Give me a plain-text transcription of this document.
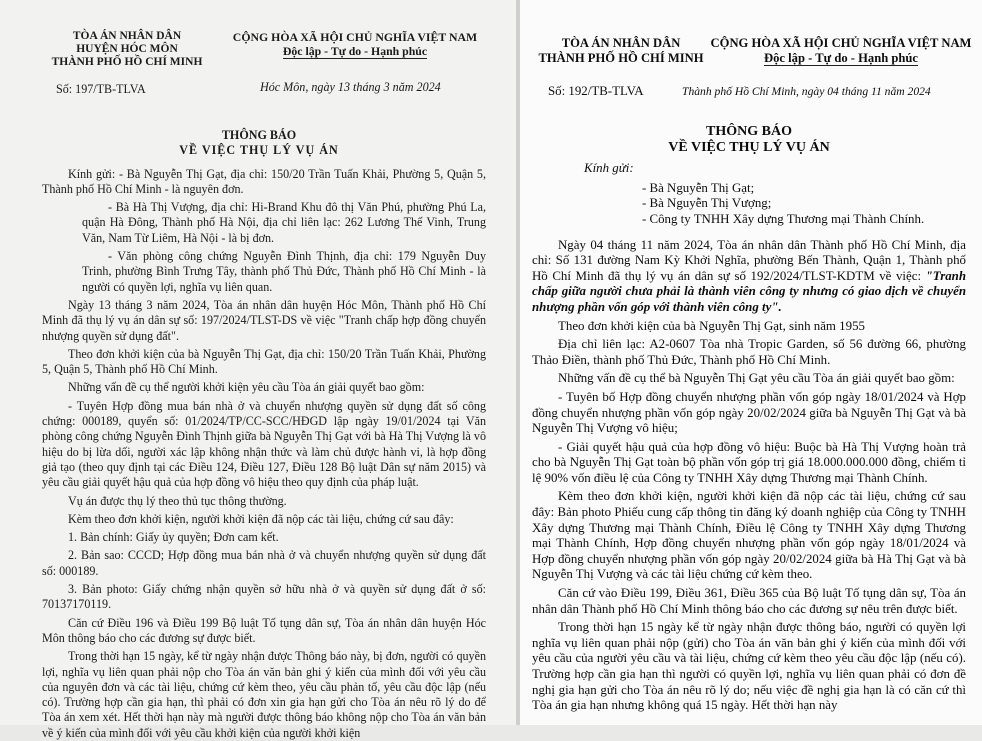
TÒA ÁN NHÂN DÂN
HUYỆN HÓC MÔN
THÀNH PHỐ HỒ CHÍ MINH
CỘNG HÒA XÃ HỘI CHỦ NGHĨA VIỆT NAM
Độc lập - Tự do - Hạnh phúc
Số: 197/TB-TLVA	Hóc Môn, ngày 13 tháng 3 năm 2024
THÔNG BÁO
VỀ VIỆC THỤ LÝ VỤ ÁN

Kính gửi: - Bà Nguyễn Thị Gạt, địa chỉ: 150/20 Trần Tuấn Khải, Phường 5, Quận 5, Thành phố Hồ Chí Minh - là nguyên đơn.

- Bà Hà Thị Vượng, địa chỉ: Hi-Brand Khu đô thị Văn Phú, phường Phú La, quận Hà Đông, Thành phố Hà Nội, địa chỉ liên lạc: 262 Lương Thế Vinh, Trung Văn, Nam Từ Liêm, Hà Nội - là bị đơn.

- Văn phòng công chứng Nguyễn Đình Thịnh, địa chỉ: 179 Nguyễn Duy Trinh, phường Bình Trưng Tây, thành phố Thủ Đức, Thành phố Hồ Chí Minh - là người có quyền lợi, nghĩa vụ liên quan.

Ngày 13 tháng 3 năm 2024, Tòa án nhân dân huyện Hóc Môn, Thành phố Hồ Chí Minh đã thụ lý vụ án dân sự số: 197/2024/TLST-DS về việc "Tranh chấp hợp đồng chuyển nhượng quyền sử dụng đất".

Theo đơn khởi kiện của bà Nguyễn Thị Gạt, địa chỉ: 150/20 Trần Tuấn Khải, Phường 5, Quận 5, Thành phố Hồ Chí Minh.

Những vấn đề cụ thể người khởi kiện yêu cầu Tòa án giải quyết bao gồm:

- Tuyên Hợp đồng mua bán nhà ở và chuyển nhượng quyền sử dụng đất số công chứng: 000189, quyển số: 01/2024/TP/CC-SCC/HĐGD lập ngày 19/01/2024 tại Văn phòng công chứng Nguyễn Đình Thịnh giữa bà Nguyễn Thị Gạt với bà Hà Thị Vượng là vô hiệu do bị lừa dối, người xác lập không nhận thức và làm chủ được hành vi, là hợp đồng giả tạo (theo quy định tại các Điều 124, Điều 127, Điều 128 Bộ luật Dân sự năm 2015) và yêu cầu giải quyết hậu quả của hợp đồng vô hiệu theo quy định của pháp luật.

Vụ án được thụ lý theo thủ tục thông thường.

Kèm theo đơn khởi kiện, người khởi kiện đã nộp các tài liệu, chứng cứ sau đây:

1. Bản chính: Giấy ủy quyền; Đơn cam kết.

2. Bản sao: CCCD; Hợp đồng mua bán nhà ở và chuyển nhượng quyền sử dụng đất số: 000189.

3. Bản photo: Giấy chứng nhận quyền sở hữu nhà ở và quyền sử dụng đất ở số: 70137170119.

Căn cứ Điều 196 và Điều 199 Bộ luật Tố tụng dân sự, Tòa án nhân dân huyện Hóc Môn thông báo cho các đương sự được biết.

Trong thời hạn 15 ngày, kể từ ngày nhận được Thông báo này, bị đơn, người có quyền lợi, nghĩa vụ liên quan phải nộp cho Tòa án văn bản ghi ý kiến của mình đối với yêu cầu của nguyên đơn và các tài liệu, chứng cứ kèm theo, yêu cầu phản tố, yêu cầu độc lập (nếu có). Trường hợp cần gia hạn, thì phải có đơn xin gia hạn gửi cho Tòa án nêu rõ lý do để Tòa án xem xét. Hết thời hạn này mà người được thông báo không nộp cho Tòa án văn bản về ý kiến của mình đối với yêu cầu khởi kiện của người khởi kiện

TÒA ÁN NHÂN DÂN
THÀNH PHỐ HỒ CHÍ MINH
CỘNG HÒA XÃ HỘI CHỦ NGHĨA VIỆT NAM
Độc lập - Tự do - Hạnh phúc
Số: 192/TB-TLVA	Thành phố Hồ Chí Minh, ngày 04 tháng 11 năm 2024
THÔNG BÁO
VỀ VIỆC THỤ LÝ VỤ ÁN
Kính gửi:

- Bà Nguyễn Thị Gạt;

- Bà Nguyễn Thị Vượng;

- Công ty TNHH Xây dựng Thương mại Thành Chính.

Ngày 04 tháng 11 năm 2024, Tòa án nhân dân Thành phố Hồ Chí Minh, địa chỉ: Số 131 đường Nam Kỳ Khởi Nghĩa, phường Bến Thành, Quận 1, Thành phố Hồ Chí Minh đã thụ lý vụ án dân sự số 192/2024/TLST-KDTM về việc: "Tranh chấp giữa người chưa phải là thành viên công ty nhưng có giao dịch về chuyển nhượng phần vốn góp với thành viên công ty".

Theo đơn khởi kiện của bà Nguyễn Thị Gạt, sinh năm 1955

Địa chỉ liên lạc: A2-0607 Tòa nhà Tropic Garden, số 56 đường 66, phường Thảo Điền, thành phố Thủ Đức, Thành phố Hồ Chí Minh.

Những vấn đề cụ thể bà Nguyễn Thị Gạt yêu cầu Tòa án giải quyết bao gồm:

- Tuyên bố Hợp đồng chuyển nhượng phần vốn góp ngày 18/01/2024 và Hợp đồng chuyển nhượng phần vốn góp ngày 20/02/2024 giữa bà Nguyễn Thị Gạt và bà Nguyễn Thị Vượng vô hiệu;

- Giải quyết hậu quả của hợp đồng vô hiệu: Buộc bà Hà Thị Vượng hoàn trả cho bà Nguyễn Thị Gạt toàn bộ phần vốn góp trị giá 18.000.000.000 đồng, chiếm tỉ lệ 90% vốn điều lệ của Công ty TNHH Xây dựng Thương mại Thành Chính.

Kèm theo đơn khởi kiện, người khởi kiện đã nộp các tài liệu, chứng cứ sau đây: Bản photo Phiếu cung cấp thông tin đăng ký doanh nghiệp của Công ty TNHH Xây dựng Thương mại Thành Chính, Điều lệ Công ty TNHH Xây dựng Thương mại Thành Chính, Hợp đồng chuyển nhượng phần vốn góp ngày 18/01/2024 và Hợp đồng chuyển nhượng phần vốn góp ngày 20/02/2024 giữa bà Hà Thị Gạt và bà Nguyễn Thị Vượng và các tài liệu chứng cứ kèm theo.

Căn cứ vào Điều 199, Điều 361, Điều 365 của Bộ luật Tố tụng dân sự, Tòa án nhân dân Thành phố Hồ Chí Minh thông báo cho các đương sự nêu trên được biết.

Trong thời hạn 15 ngày kể từ ngày nhận được thông báo, người có quyền lợi nghĩa vụ liên quan phải nộp (gửi) cho Tòa án văn bản ghi ý kiến của mình đối với yêu cầu của người yêu cầu và tài liệu, chứng cứ kèm theo yêu cầu độc lập (nếu có). Trường hợp cần gia hạn thì người có quyền lợi, nghĩa vụ liên quan phải có đơn đề nghị gia hạn gửi cho Tòa án nêu rõ lý do; nếu việc đề nghị gia hạn là có căn cứ thì Tòa án gia hạn nhưng không quá 15 ngày. Hết thời hạn này
